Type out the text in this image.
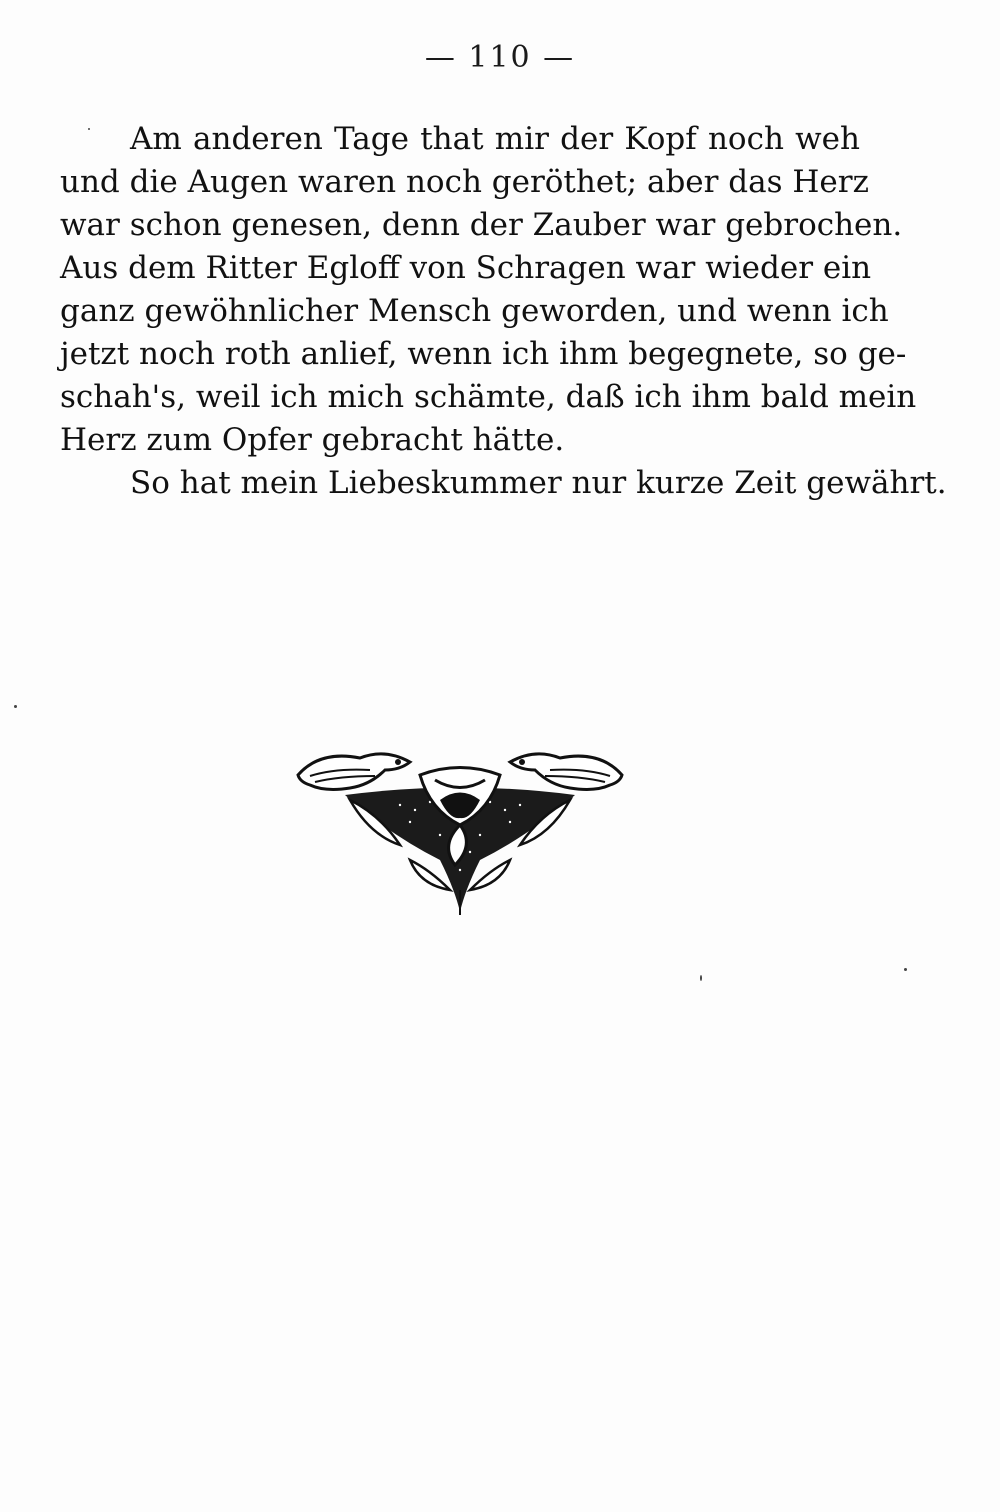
— 110 —

Am anderen Tage that mir der Kopf noch weh
und die Augen waren noch geröthet; aber das Herz
war schon genesen, denn der Zauber war gebrochen.
Aus dem Ritter Egloff von Schragen war wieder ein
ganz gewöhnlicher Mensch geworden, und wenn ich
jetzt noch roth anlief, wenn ich ihm begegnete, so ge-
schah's, weil ich mich schämte, daß ich ihm bald mein
Herz zum Opfer gebracht hätte.

So hat mein Liebeskummer nur kurze Zeit gewährt.
